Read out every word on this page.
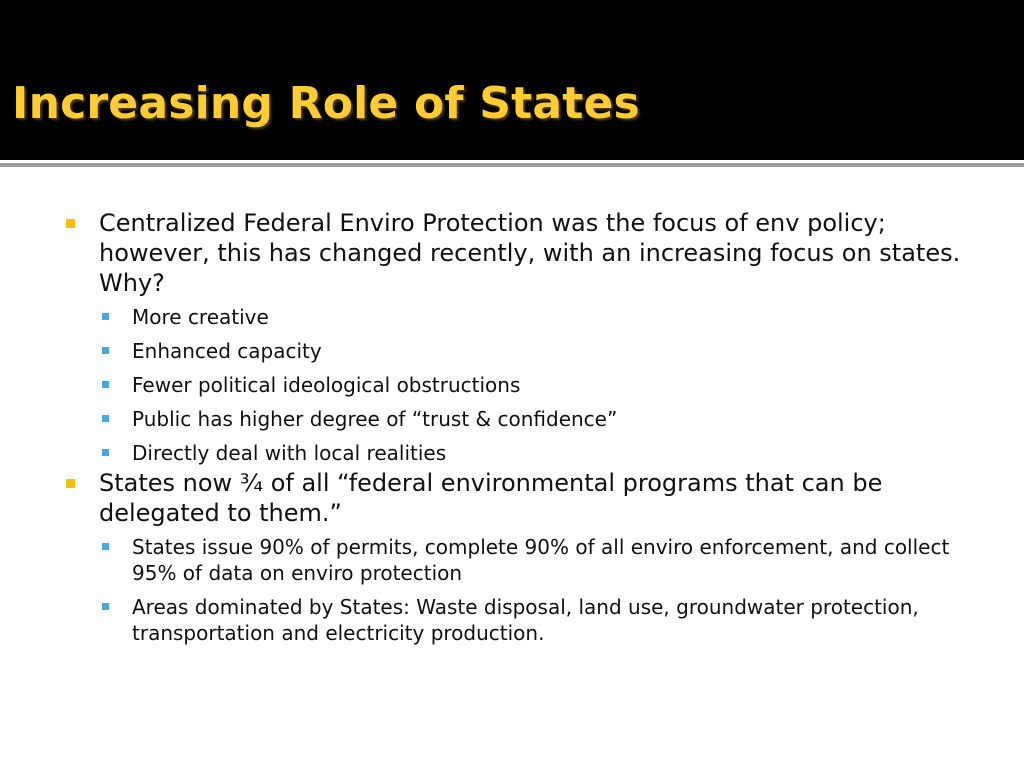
Increasing Role of States
Centralized Federal Enviro Protection was the focus of env policy; however, this has changed recently, with an increasing focus on states. Why?
More creative
Enhanced capacity
Fewer political ideological obstructions
Public has higher degree of “trust & confidence”
Directly deal with local realities
States now ¾ of all “federal environmental programs that can be delegated to them.”
States issue 90% of permits, complete 90% of all enviro enforcement, and collect 95% of data on enviro protection
Areas dominated by States: Waste disposal, land use, groundwater protection, transportation and electricity production.
